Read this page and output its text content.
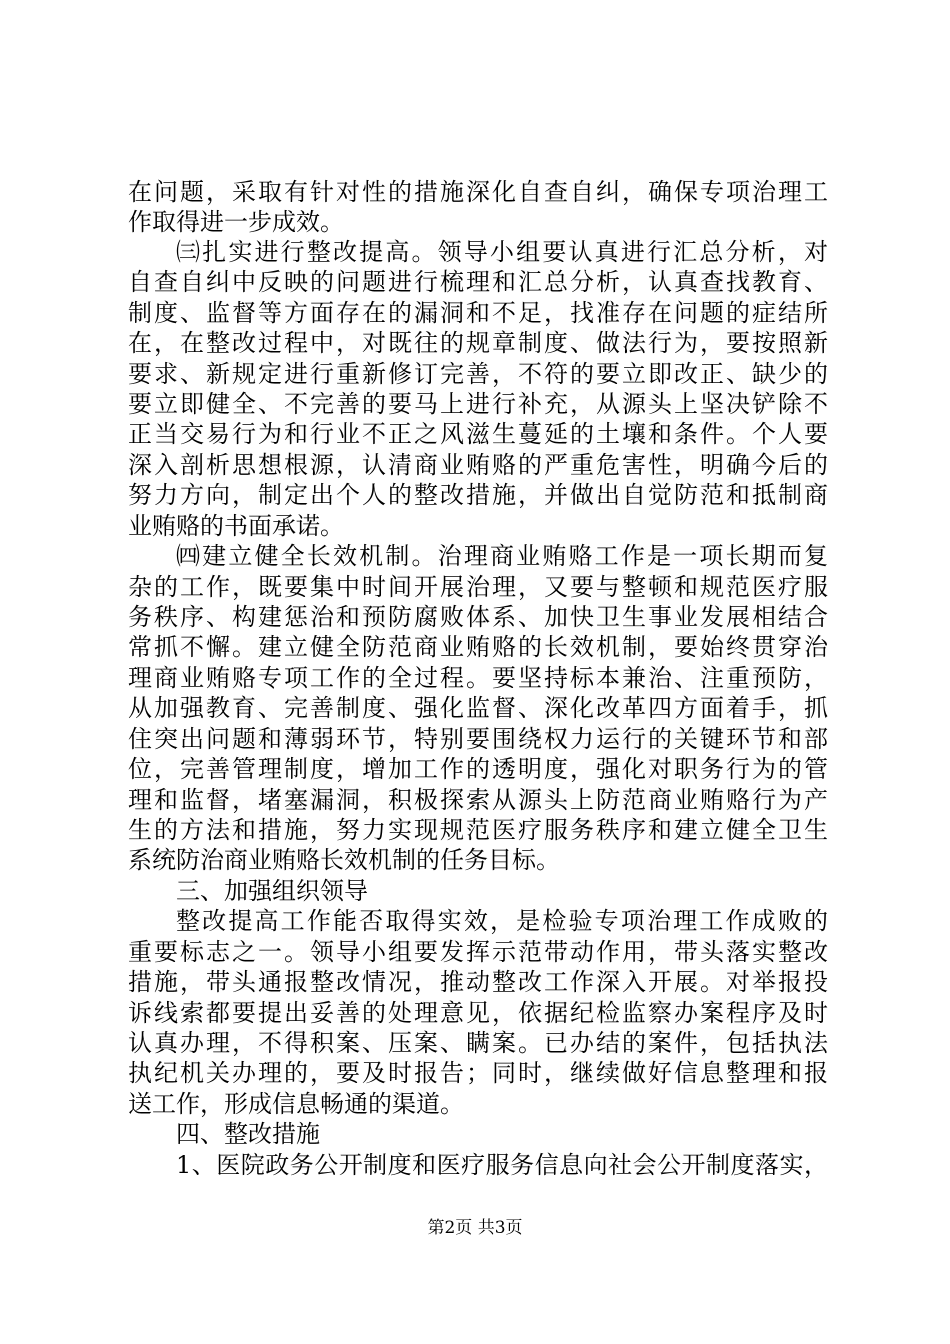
在问题，采取有针对性的措施深化自查自纠，确保专项治理工
作取得进一步成效。
㈢扎实进行整改提高。领导小组要认真进行汇总分析，对
自查自纠中反映的问题进行梳理和汇总分析，认真查找教育、
制度、监督等方面存在的漏洞和不足，找准存在问题的症结所
在，在整改过程中，对既往的规章制度、做法行为，要按照新
要求、新规定进行重新修订完善，不符的要立即改正、缺少的
要立即健全、不完善的要马上进行补充，从源头上坚决铲除不
正当交易行为和行业不正之风滋生蔓延的土壤和条件。个人要
深入剖析思想根源，认清商业贿赂的严重危害性，明确今后的
努力方向，制定出个人的整改措施，并做出自觉防范和抵制商
业贿赂的书面承诺。
㈣建立健全长效机制。治理商业贿赂工作是一项长期而复
杂的工作，既要集中时间开展治理，又要与整顿和规范医疗服
务秩序、构建惩治和预防腐败体系、加快卫生事业发展相结合
常抓不懈。建立健全防范商业贿赂的长效机制，要始终贯穿治
理商业贿赂专项工作的全过程。要坚持标本兼治、注重预防，
从加强教育、完善制度、强化监督、深化改革四方面着手，抓
住突出问题和薄弱环节，特别要围绕权力运行的关键环节和部
位，完善管理制度，增加工作的透明度，强化对职务行为的管
理和监督，堵塞漏洞，积极探索从源头上防范商业贿赂行为产
生的方法和措施，努力实现规范医疗服务秩序和建立健全卫生
系统防治商业贿赂长效机制的任务目标。
三、加强组织领导
整改提高工作能否取得实效，是检验专项治理工作成败的
重要标志之一。领导小组要发挥示范带动作用，带头落实整改
措施，带头通报整改情况，推动整改工作深入开展。对举报投
诉线索都要提出妥善的处理意见，依据纪检监察办案程序及时
认真办理，不得积案、压案、瞒案。已办结的案件，包括执法
执纪机关办理的，要及时报告；同时，继续做好信息整理和报
送工作，形成信息畅通的渠道。
四、整改措施
1、医院政务公开制度和医疗服务信息向社会公开制度落实，
第2页 共3页
